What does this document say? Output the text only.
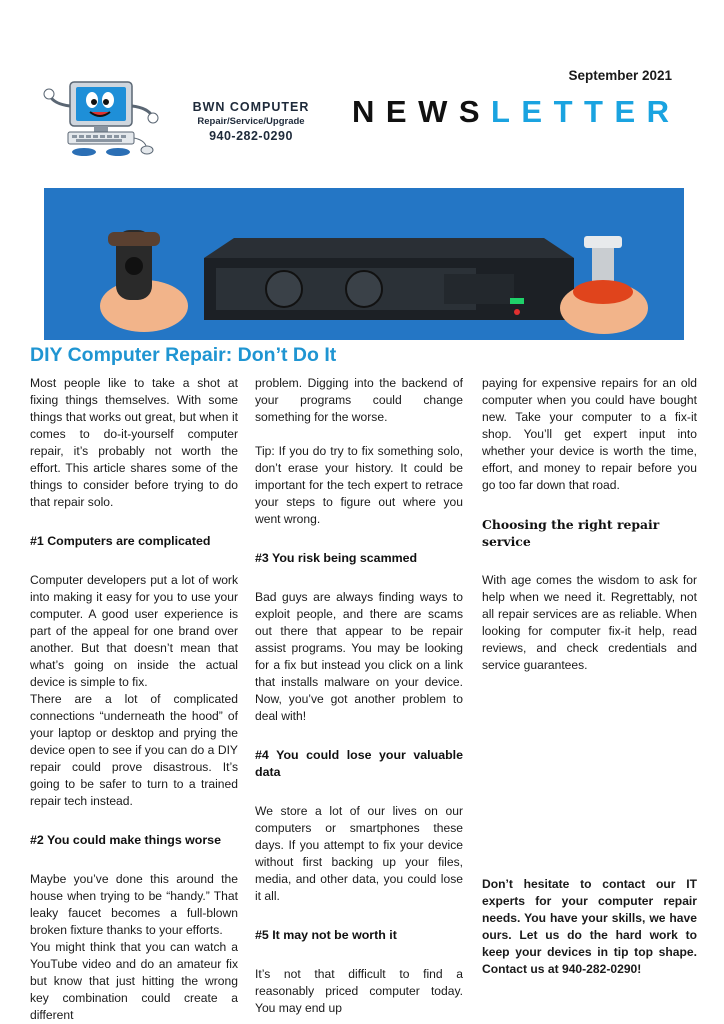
September 2021
BWN COMPUTER
Repair/Service/Upgrade
940-282-0290
NEWSLETTER
DIY Computer Repair: Don’t Do It

Most people like to take a shot at fixing things themselves. With some things that works out great, but when it comes to do-it-yourself computer repair, it’s probably not worth the effort. This article shares some of the things to consider before trying to do that repair solo.

#1 Computers are complicated

Computer developers put a lot of work into making it easy for you to use your computer. A good user experience is part of the appeal for one brand over another. But that doesn’t mean that what’s going on inside the actual device is simple to fix.

There are a lot of complicated connections “underneath the hood” of your laptop or desktop and prying the device open to see if you can do a DIY repair could prove disastrous. It’s going to be safer to turn to a trained repair tech instead.

#2 You could make things worse

Maybe you’ve done this around the house when trying to be “handy.” That leaky faucet becomes a full-blown broken fixture thanks to your efforts.

You might think that you can watch a YouTube video and do an amateur fix but know that just hitting the wrong key combination could create a different

problem. Digging into the backend of your programs could change something for the worse.

Tip: If you do try to fix something solo, don’t erase your history. It could be important for the tech expert to retrace your steps to figure out where you went wrong.

#3 You risk being scammed

Bad guys are always finding ways to exploit people, and there are scams out there that appear to be repair assist programs. You may be looking for a fix but instead you click on a link that installs malware on your device. Now, you’ve got another problem to deal with!

#4 You could lose your valuable data

We store a lot of our lives on our computers or smartphones these days. If you attempt to fix your device without first backing up your files, media, and other data, you could lose it all.

#5 It may not be worth it

It’s not that difficult to find a reasonably priced computer today. You may end up

paying for expensive repairs for an old computer when you could have bought new. Take your computer to a fix-it shop. You’ll get expert input into whether your device is worth the time, effort, and money to repair before you go too far down that road.

Choosing the right repair service

With age comes the wisdom to ask for help when we need it. Regrettably, not all repair services are as reliable. When looking for computer fix-it help, read reviews, and check credentials and service guarantees.

Don’t hesitate to contact our IT experts for your computer repair needs. You have your skills, we have ours. Let us do the hard work to keep your devices in tip top shape. Contact us at 940-282-0290!
